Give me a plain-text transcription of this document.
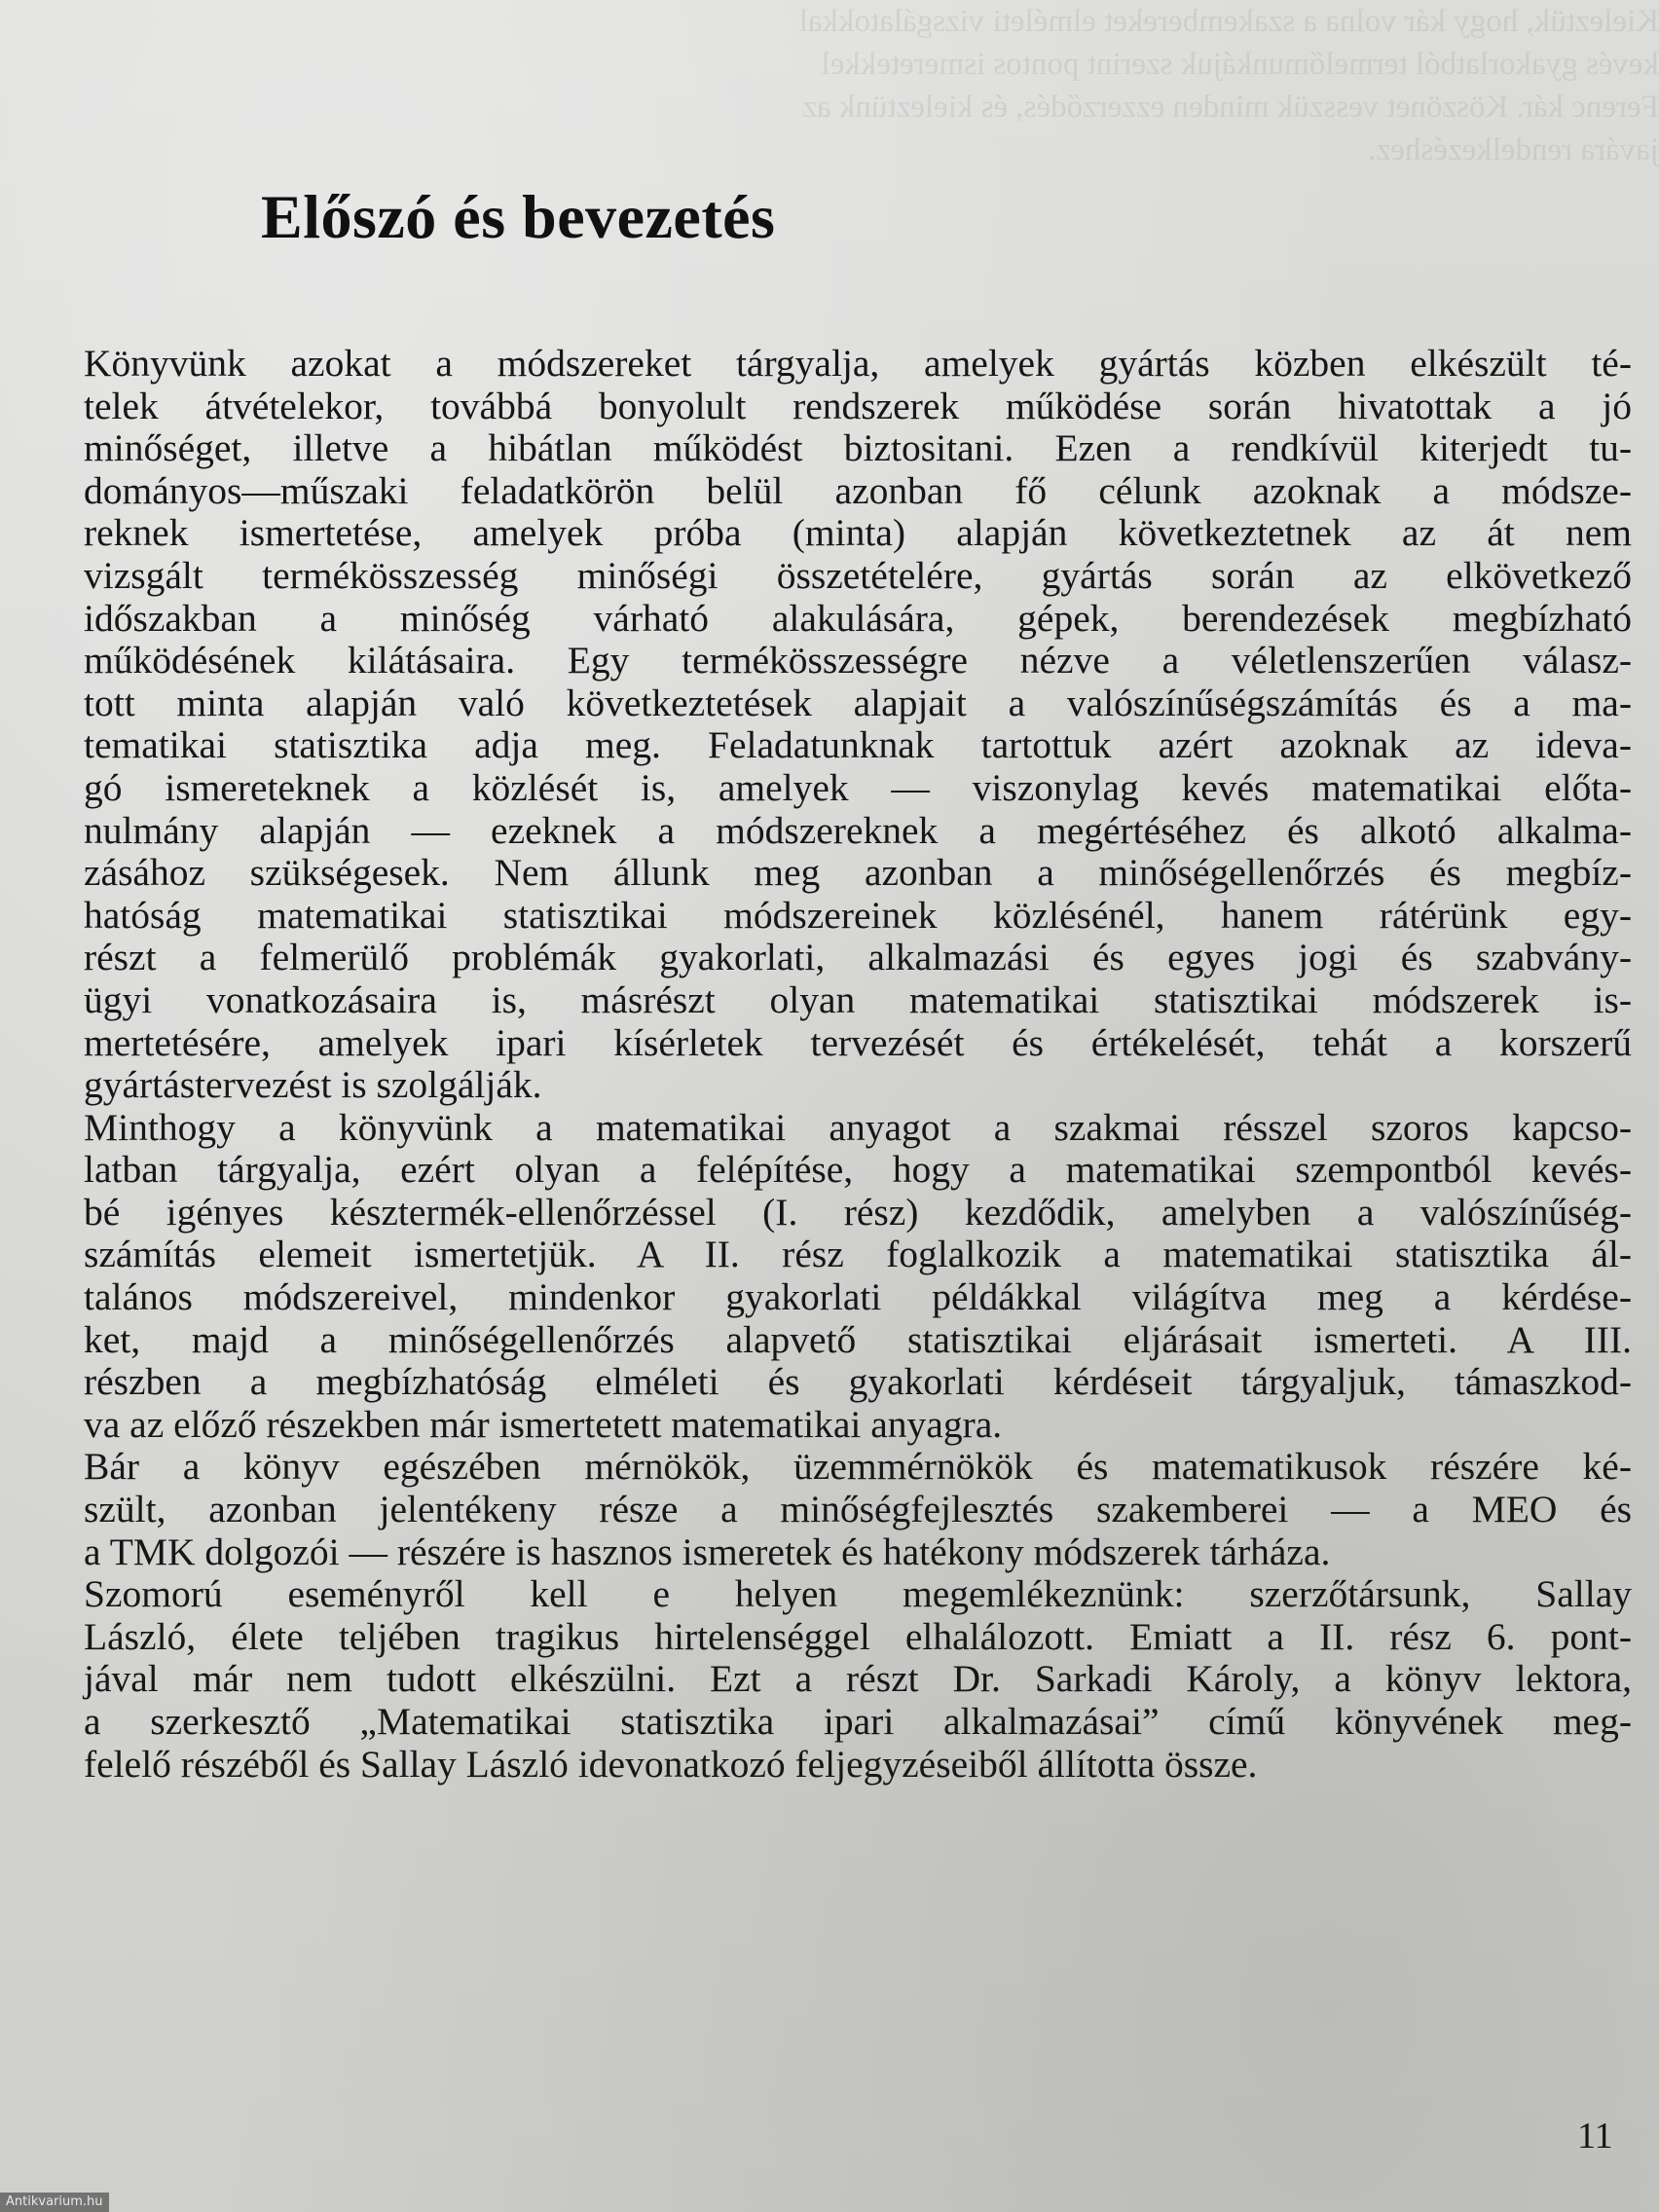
Kieleztük, hogy kár volna a szakembereket elméleti vizsgálatokkal
kevés gyakorlatból termelőmunkájuk szerint pontos ismeretekkel
Ferenc kár. Köszönet vesszük minden ezzerződés, és kieleztünk az
javára rendelkezéshez.
Előszó és bevezetés

Könyvünk azokat a módszereket tárgyalja, amelyek gyártás közben elkészült té-
telek átvételekor, továbbá bonyolult rendszerek működése során hivatottak a jó
minőséget, illetve a hibátlan működést biztositani. Ezen a rendkívül kiterjedt tu-
dományos—műszaki feladatkörön belül azonban fő célunk azoknak a módsze-
reknek ismertetése, amelyek próba (minta) alapján következtetnek az át nem
vizsgált termékösszesség minőségi összetételére, gyártás során az elkövetkező
időszakban a minőség várható alakulására, gépek, berendezések megbízható
működésének kilátásaira. Egy termékösszességre nézve a véletlenszerűen válasz-
tott minta alapján való következtetések alapjait a valószínűségszámítás és a ma-
tematikai statisztika adja meg. Feladatunknak tartottuk azért azoknak az ideva-
gó ismereteknek a közlését is, amelyek — viszonylag kevés matematikai előta-
nulmány alapján — ezeknek a módszereknek a megértéséhez és alkotó alkalma-
zásához szükségesek. Nem állunk meg azonban a minőségellenőrzés és megbíz-
hatóság matematikai statisztikai módszereinek közlésénél, hanem rátérünk egy-
részt a felmerülő problémák gyakorlati, alkalmazási és egyes jogi és szabvány-
ügyi vonatkozásaira is, másrészt olyan matematikai statisztikai módszerek is-
mertetésére, amelyek ipari kísérletek tervezését és értékelését, tehát a korszerű
gyártástervezést is szolgálják.

Minthogy a könyvünk a matematikai anyagot a szakmai résszel szoros kapcso-
latban tárgyalja, ezért olyan a felépítése, hogy a matematikai szempontból kevés-
bé igényes késztermék-ellenőrzéssel (I. rész) kezdődik, amelyben a valószínűség-
számítás elemeit ismertetjük. A II. rész foglalkozik a matematikai statisztika ál-
talános módszereivel, mindenkor gyakorlati példákkal világítva meg a kérdése-
ket, majd a minőségellenőrzés alapvető statisztikai eljárásait ismerteti. A III.
részben a megbízhatóság elméleti és gyakorlati kérdéseit tárgyaljuk, támaszkod-
va az előző részekben már ismertetett matematikai anyagra.

Bár a könyv egészében mérnökök, üzemmérnökök és matematikusok részére ké-
szült, azonban jelentékeny része a minőségfejlesztés szakemberei — a MEO és
a TMK dolgozói — részére is hasznos ismeretek és hatékony módszerek tárháza.

Szomorú eseményről kell e helyen megemlékeznünk: szerzőtársunk, Sallay
László, élete teljében tragikus hirtelenséggel elhalálozott. Emiatt a II. rész 6. pont-
jával már nem tudott elkészülni. Ezt a részt Dr. Sarkadi Károly, a könyv lektora,
a szerkesztő „Matematikai statisztika ipari alkalmazásai” című könyvének meg-
felelő részéből és Sallay László idevonatkozó feljegyzéseiből állította össze.

11
Antikvarium.hu
